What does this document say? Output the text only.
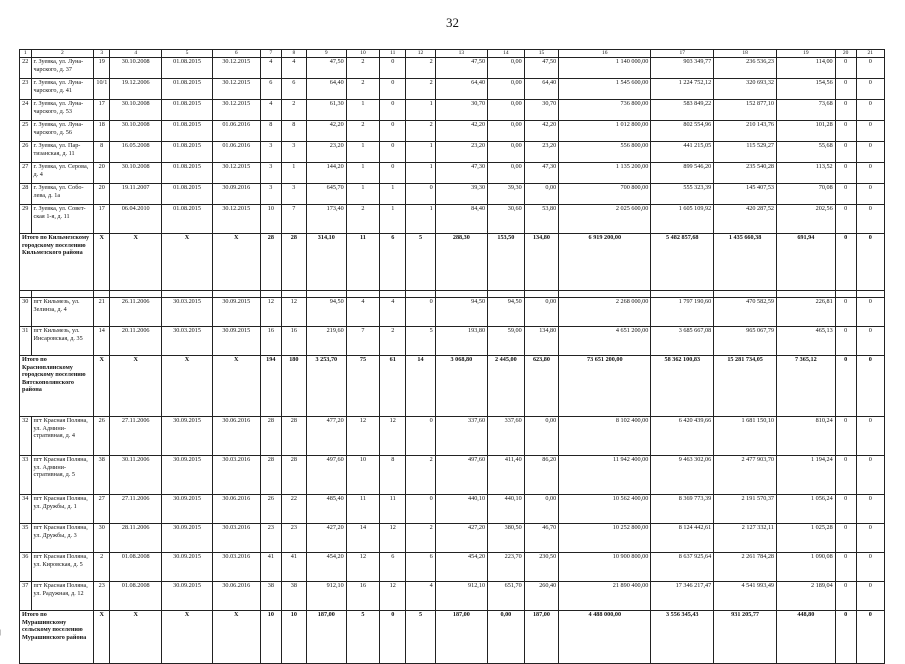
32
1	2	3	4	5	6	7	8	9	10	11	12	13	14	15	16	17	18	19	20	21
22	г. Зуевка, ул. Луна-чарского, д. 37	19	30.10.2008	01.08.2015	30.12.2015	4	4	47,50	2	0	2	47,50	0,00	47,50	1 140 000,00	903 349,77	236 536,23	114,00	0	0
23	г. Зуевка, ул. Луна-чарского, д. 41	10/1	19.12.2006	01.08.2015	30.12.2015	6	6	64,40	2	0	2	64,40	0,00	64,40	1 545 600,00	1 224 752,12	320 693,32	154,56	0	0
24	г. Зуевка, ул. Луна-чарского, д. 53	17	30.10.2008	01.08.2015	30.12.2015	4	2	61,30	1	0	1	30,70	0,00	30,70	736 800,00	583 849,22	152 877,10	73,68	0	0
25	г. Зуевка, ул. Луна-чарского, д. 56	18	30.10.2008	01.08.2015	01.06.2016	8	8	42,20	2	0	2	42,20	0,00	42,20	1 012 800,00	802 554,96	210 143,76	101,28	0	0
26	г. Зуевка, ул. Пар-тизанская, д. 11	8	16.05.2008	01.08.2015	01.06.2016	3	3	23,20	1	0	1	23,20	0,00	23,20	556 800,00	441 215,05	115 529,27	55,68	0	0
27	г. Зуевка, ул. Серова, д. 4	20	30.10.2008	01.08.2015	30.12.2015	3	1	144,20	1	0	1	47,30	0,00	47,30	1 135 200,00	899 546,20	235 540,28	113,52	0	0
28	г. Зуевка, ул. Собо-лева, д. 1а	20	19.11.2007	01.08.2015	30.09.2016	3	3	645,70	1	1	0	39,30	39,30	0,00	700 800,00	555 323,39	145 407,53	70,08	0	0
29	г. Зуевка, ул. Совет-ская 1-я, д. 11	17	06.04.2010	01.08.2015	30.12.2015	10	7	173,40	2	1	1	84,40	30,60	53,80	2 025 600,00	1 605 109,92	420 287,52	202,56	0	0
Итого по Кильмезскому городскому поселению Кильмезского района		X	X	X	X	28	28	314,10	11	6	5	288,30	153,50	134,80	6 919 200,00	5 482 857,68	1 435 660,38	691,94	0	0

30	пгт Кильмезь, ул. Зелинза, д. 4	21	26.11.2006	30.03.2015	30.09.2015	12	12	94,50	4	4	0	94,50	94,50	0,00	2 268 000,00	1 797 190,60	470 582,59	226,81	0	0
31	пгт Кильмезь, ул. Инсаровская, д. 35	14	20.11.2006	30.03.2015	30.09.2015	16	16	219,60	7	2	5	193,80	59,00	134,80	4 651 200,00	3 685 667,08	965 067,79	465,13	0	0
Итого по Красноплянскому городскому поселению Вятскополянского района		X	X	X	X	194	180	3 253,70	75	61	14	3 068,80	2 445,00	623,80	73 651 200,00	58 362 100,83	15 281 734,05	7 365,12	0	0
32	пгт Красная Поляна, ул. Админи-стративная, д. 4	26	27.11.2006	30.09.2015	30.06.2016	28	28	477,20	12	12	0	337,60	337,60	0,00	8 102 400,00	6 420 439,66	1 681 150,10	810,24	0	0
33	пгт Красная Поляна, ул. Админи-стративная, д. 5	38	30.11.2006	30.09.2015	30.03.2016	28	28	497,60	10	8	2	497,60	411,40	86,20	11 942 400,00	9 463 302,06	2 477 903,70	1 194,24	0	0
34	пгт Красная Поляна, ул. Дружбы, д. 1	27	27.11.2006	30.09.2015	30.06.2016	26	22	485,40	11	11	0	440,10	440,10	0,00	10 562 400,00	8 369 773,39	2 191 570,37	1 056,24	0	0
35	пгт Красная Поляна, ул. Дружбы, д. 3	30	28.11.2006	30.09.2015	30.03.2016	23	23	427,20	14	12	2	427,20	380,50	46,70	10 252 800,00	8 124 442,61	2 127 332,11	1 025,28	0	0
36	пгт Красная Поляна, ул. Кировская, д. 5	2	01.08.2008	30.09.2015	30.03.2016	41	41	454,20	12	6	6	454,20	223,70	230,50	10 900 800,00	8 637 925,64	2 261 784,28	1 090,08	0	0
37	пгт Красная Поляна, ул. Радужная, д. 12	23	01.08.2008	30.09.2015	30.06.2016	38	38	912,10	16	12	4	912,10	651,70	260,40	21 890 400,00	17 346 217,47	4 541 993,49	2 189,04	0	0
Итого по Мурашинскому сельскому поселению Мурашинского района		X	X	X	X	10	10	187,00	5	0	5	187,00	0,00	187,00	4 488 000,00	3 556 345,43	931 205,77	448,80	0	0
|
